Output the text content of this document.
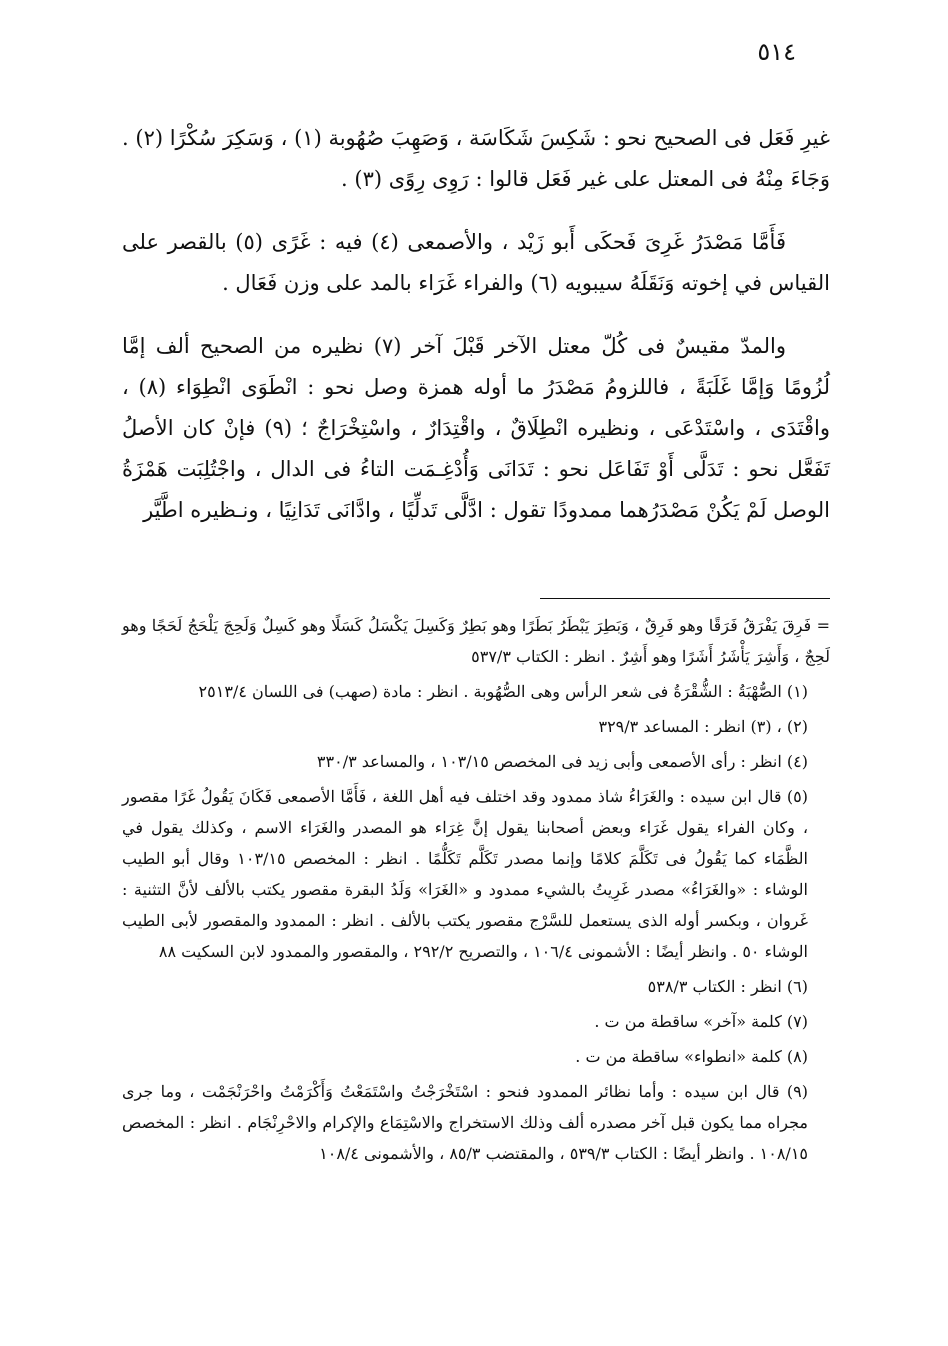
٥١٤

غيرِ فَعَل فى الصحيح نحو : شَكِسَ شَكَاسَة ، وَصَهِبَ صُهُوبة (١) ، وَسَكِرَ سُكْرًا (٢) . وَجَاءَ مِنْهُ فى المعتل على غير فَعَل قالوا : رَوِى رِوًى (٣) .

فَأَمَّا مَصْدَرُ غَرِىَ فَحكَى أَبو زَيْد ، والأصمعى (٤) فيه : غَرًى (٥) بالقصر على القياس في إخوته وَنَقَلَهُ سيبويه (٦) والفراء غَرَاء بالمد على وزن فَعَال .

والمدّ مقيسٌ فى كُلّ معتل الآخر قَبْلَ آخر (٧) نظيره من الصحيح ألف إمَّا لُزُومًا وَإمَّا غَلَبَةً ، فاللزومُ مَصْدَرُ ما أوله همزة وصل نحو : انْطَوَى انْطِوَاء (٨) ، واقْتَدَى ، واسْتَدْعَى ، ونظيره انْطِلَاقٌ ، واقْتِدَارٌ ، واسْتِخْرَاجٌ ؛ (٩) فإنْ كان الأصلُ تَفَعَّل نحو : تَدَلَّى أَوْ تَفَاعَل نحو : تَدَانَى وَأُدْغِـمَت التاءُ فى الدال ، واجْتُلِبَت هَمْزَةُ الوصل لَمْ يَكُنْ مَصْدَرُهما ممدودًا تقول : ادَّلَّى تَدلِّيًا ، وادَّانَى تَدَانِيًا ، ونـظيره اطَّيَّر

= فَرِقَ يَفْرَقُ فَرَقًا وهو فَرِقٌ ، وَبَطِرَ يَبْطَرُ بَطَرًا وهو بَطِرٌ وَكَسِلَ يَكْسَلُ كَسَلًا وهو كَسِلٌ وَلَحِجَ يَلْحَجُ لَحَجًا وهو لَحِجٌ ، وَأَشِرَ يَأْشَرُ أَشَرًا وهو أَشِرٌ . انظر : الكتاب ٥٣٧/٣

(١) الصُّهْبَةُ : الشُّقْرَةُ فى شعر الرأس وهى الصُّهُوبة . انظر : مادة (صهب) فى اللسان ٢٥١٣/٤

(٢) ، (٣) انظر : المساعد ٣٢٩/٣

(٤) انظر : رأى الأصمعى وأبى زيد فى المخصص ١٠٣/١٥ ، والمساعد ٣٣٠/٣

(٥) قال ابن سيده : والغَرَاءُ شاذ ممدود وقد اختلف فيه أهل اللغة ، فَأَمَّا الأصمعى فَكَانَ يَقُولُ غَرًا مقصور ، وكان الفراء يقول غَرَاء وبعض أصحابنا يقول إنَّ غِرَاء هو المصدر والغَرَاء الاسم ، وكذلك يقول في الظَّمَاء كما يَقُولُ فى تَكَلَّمَ كلامًا وإنما مصدر تَكَلَّم تَكَلُّمًا . انظر : المخصص ١٠٣/١٥ وقال أبو الطيب الوشاء : «والغَرَاءُ» مصدر غَرِيتُ بالشيء ممدود و «الغَرَا» وَلَدُ البقرة مقصور يكتب بالألف لأنَّ التثنية : غَروان ، وبكسر أوله الذى يستعمل للسَّرْج مقصور يكتب بالألف . انظر : الممدود والمقصور لأبى الطيب الوشاء ٥٠ . وانظر أيضًا : الأشمونى ١٠٦/٤ ، والتصريح ٢٩٢/٢ ، والمقصور والممدود لابن السكيت ٨٨

(٦) انظر : الكتاب ٥٣٨/٣

(٧) كلمة «آخر» ساقطة من ت .

(٨) كلمة «انطواء» ساقطة من ت .

(٩) قال ابن سيده : وأما نظائر الممدود فنحو : اسْتَخْرَجْتُ واسْتَمَعْتُ وَأَكْرَمْتُ واحْرَنْجَمْت ، وما جرى مجراه مما يكون قبل آخر مصدره ألف وذلك الاستخراج والاسْتِمَاع والإكرام والاحْرِنْجَام . انظر : المخصص ١٠٨/١٥ . وانظر أيضًا : الكتاب ٥٣٩/٣ ، والمقتضب ٨٥/٣ ، والأشمونى ١٠٨/٤
